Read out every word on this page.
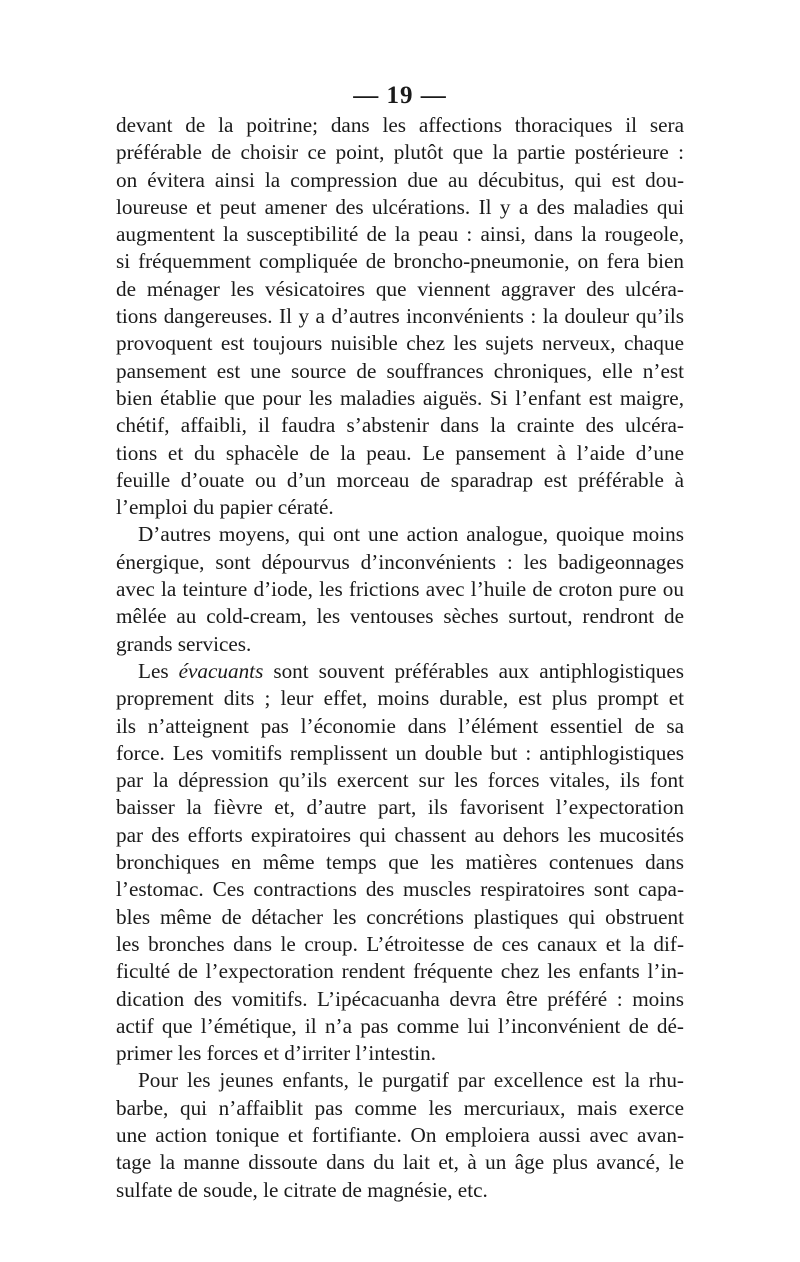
— 19 —
devant de la poitrine; dans les affections thoraciques il sera
préférable de choisir ce point, plutôt que la partie postérieure :
on évitera ainsi la compression due au décubitus, qui est dou-
loureuse et peut amener des ulcérations. Il y a des maladies qui
augmentent la susceptibilité de la peau : ainsi, dans la rougeole,
si fréquemment compliquée de broncho-pneumonie, on fera bien
de ménager les vésicatoires que viennent aggraver des ulcéra-
tions dangereuses. Il y a d’autres inconvénients : la douleur qu’ils
provoquent est toujours nuisible chez les sujets nerveux, chaque
pansement est une source de souffrances chroniques, elle n’est
bien établie que pour les maladies aiguës. Si l’enfant est maigre,
chétif, affaibli, il faudra s’abstenir dans la crainte des ulcéra-
tions et du sphacèle de la peau. Le pansement à l’aide d’une
feuille d’ouate ou d’un morceau de sparadrap est préférable à
l’emploi du papier cératé.
D’autres moyens, qui ont une action analogue, quoique moins
énergique, sont dépourvus d’inconvénients : les badigeonnages
avec la teinture d’iode, les frictions avec l’huile de croton pure ou
mêlée au cold-cream, les ventouses sèches surtout, rendront de
grands services.
Les évacuants sont souvent préférables aux antiphlogistiques
proprement dits ; leur effet, moins durable, est plus prompt et
ils n’atteignent pas l’économie dans l’élément essentiel de sa
force. Les vomitifs remplissent un double but : antiphlogistiques
par la dépression qu’ils exercent sur les forces vitales, ils font
baisser la fièvre et, d’autre part, ils favorisent l’expectoration
par des efforts expiratoires qui chassent au dehors les mucosités
bronchiques en même temps que les matières contenues dans
l’estomac. Ces contractions des muscles respiratoires sont capa-
bles même de détacher les concrétions plastiques qui obstruent
les bronches dans le croup. L’étroitesse de ces canaux et la dif-
ficulté de l’expectoration rendent fréquente chez les enfants l’in-
dication des vomitifs. L’ipécacuanha devra être préféré : moins
actif que l’émétique, il n’a pas comme lui l’inconvénient de dé-
primer les forces et d’irriter l’intestin.
Pour les jeunes enfants, le purgatif par excellence est la rhu-
barbe, qui n’affaiblit pas comme les mercuriaux, mais exerce
une action tonique et fortifiante. On emploiera aussi avec avan-
tage la manne dissoute dans du lait et, à un âge plus avancé, le
sulfate de soude, le citrate de magnésie, etc.
